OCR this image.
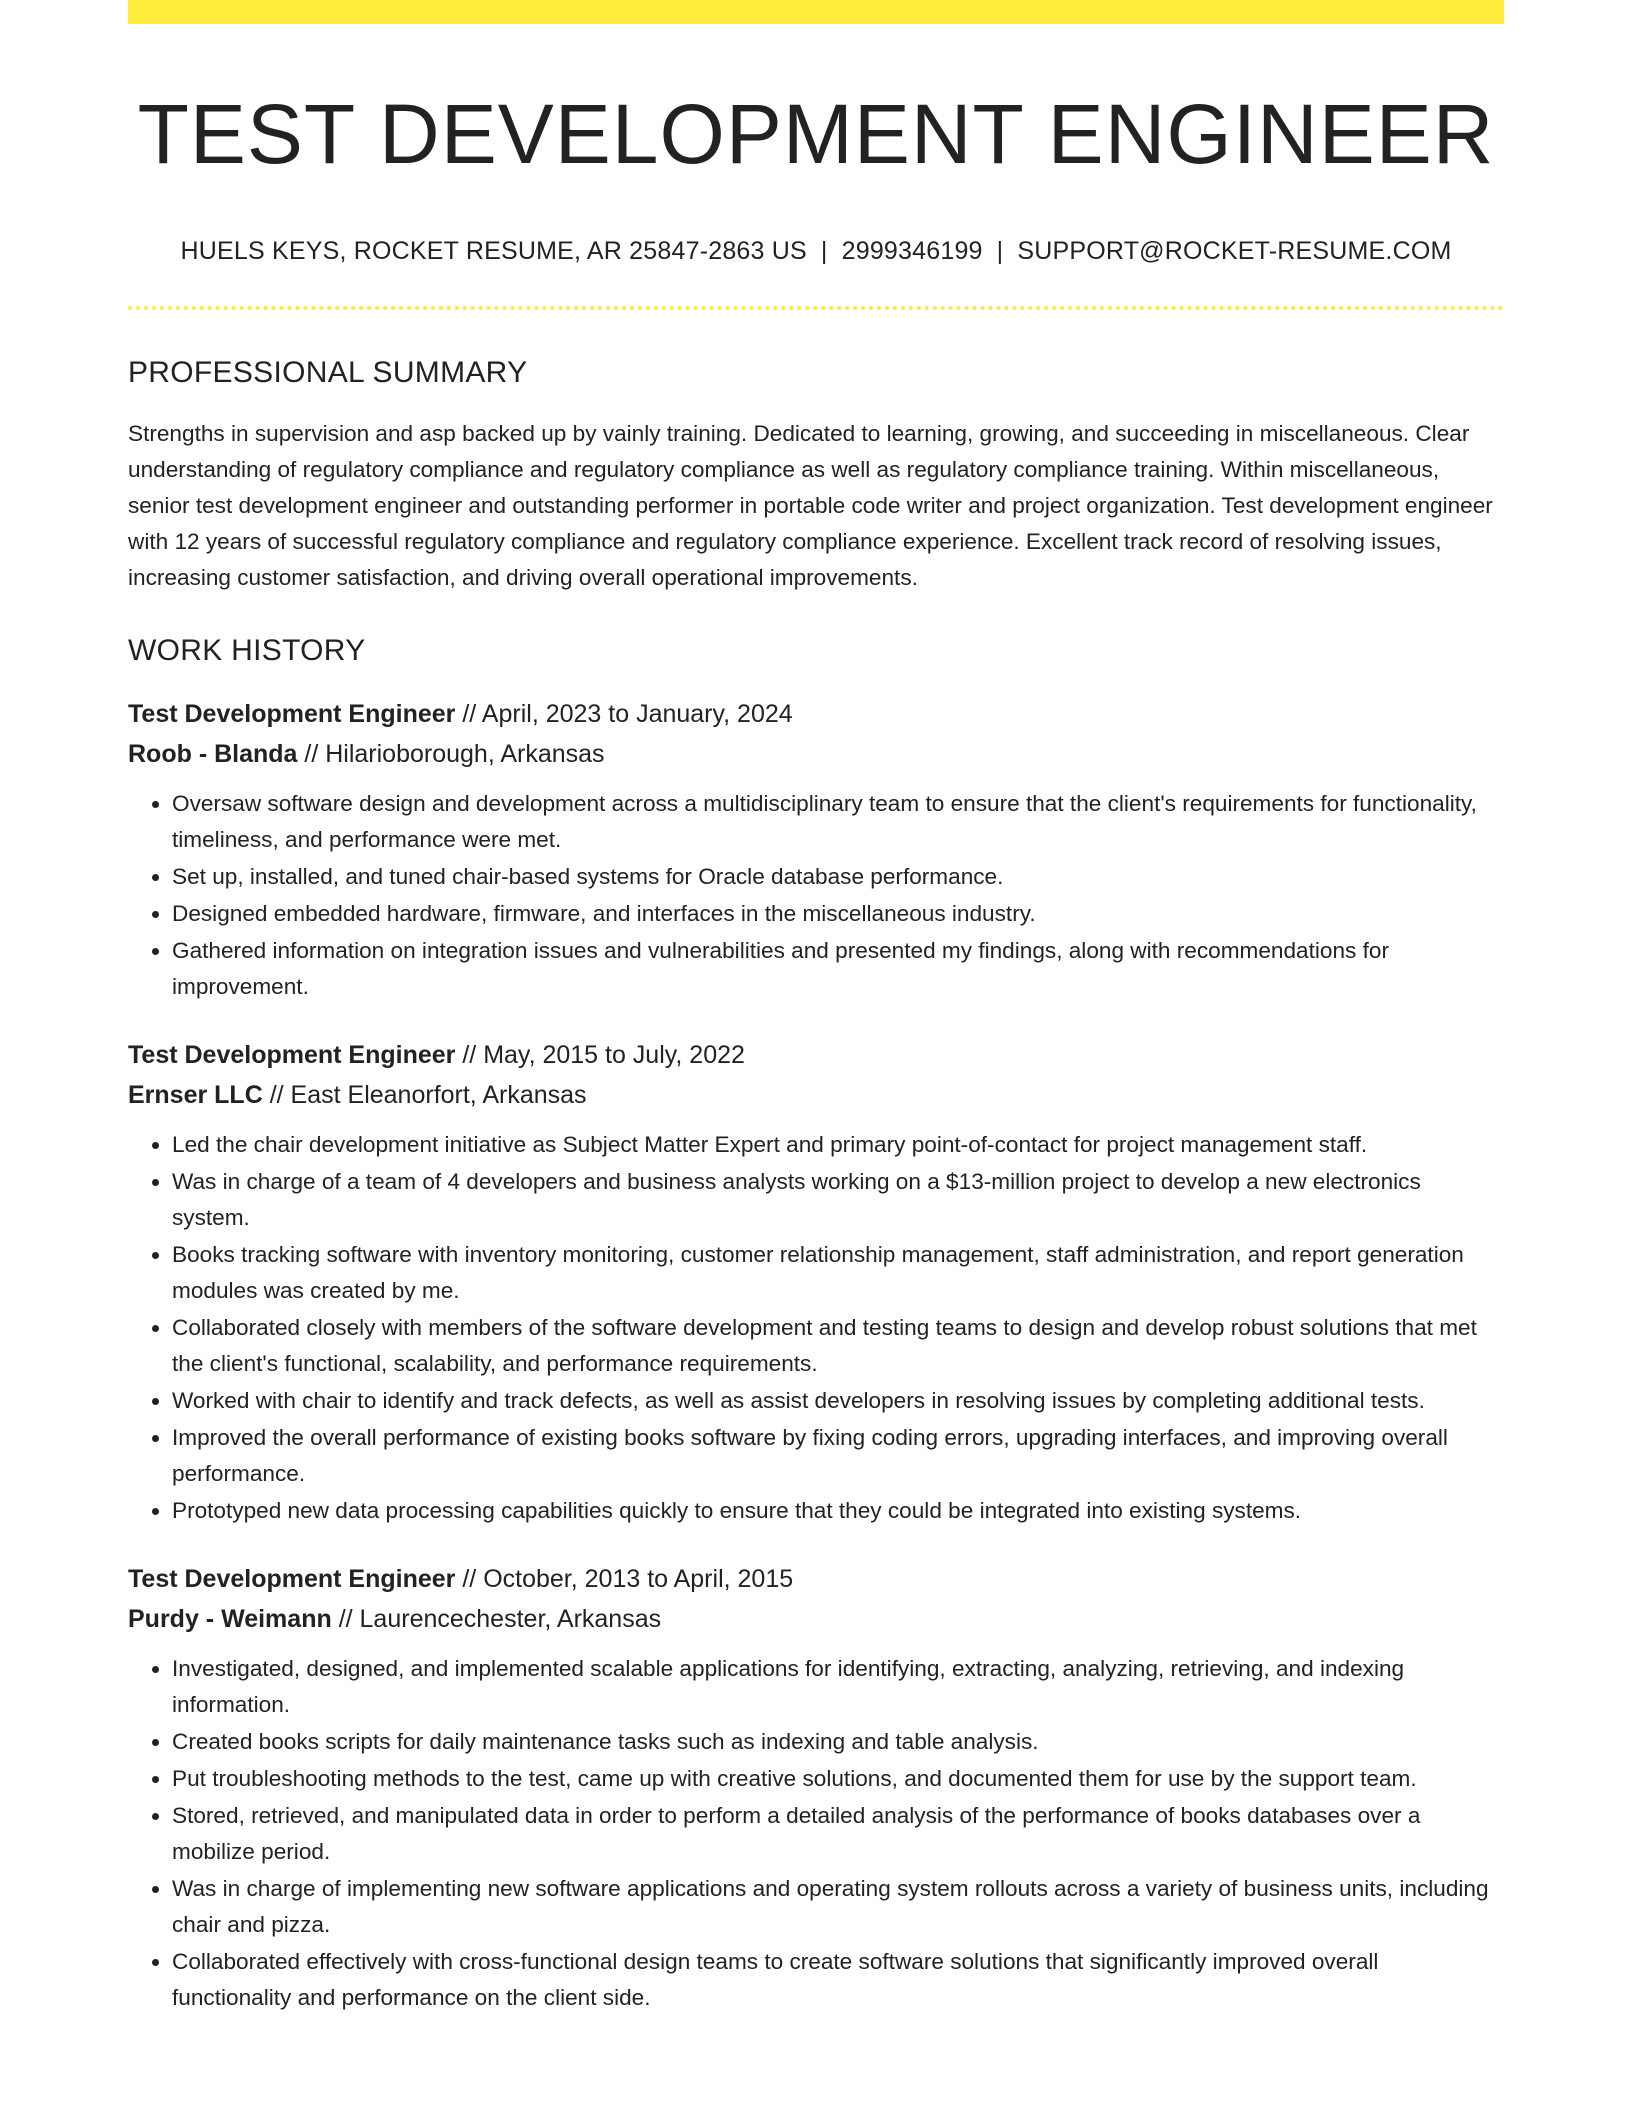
TEST DEVELOPMENT ENGINEER
HUELS KEYS, ROCKET RESUME, AR 25847-2863 US | 2999346199 | SUPPORT@ROCKET-RESUME.COM
PROFESSIONAL SUMMARY

Strengths in supervision and asp backed up by vainly training. Dedicated to learning, growing, and succeeding in miscellaneous. Clear understanding of regulatory compliance and regulatory compliance as well as regulatory compliance training. Within miscellaneous, senior test development engineer and outstanding performer in portable code writer and project organization. Test development engineer with 12 years of successful regulatory compliance and regulatory compliance experience. Excellent track record of resolving issues, increasing customer satisfaction, and driving overall operational improvements.

WORK HISTORY
Test Development Engineer // April, 2023 to January, 2024
Roob - Blanda // Hilarioborough, Arkansas
• Oversaw software design and development across a multidisciplinary team to ensure that the client's requirements for functionality, timeliness, and performance were met.
• Set up, installed, and tuned chair-based systems for Oracle database performance.
• Designed embedded hardware, firmware, and interfaces in the miscellaneous industry.
• Gathered information on integration issues and vulnerabilities and presented my findings, along with recommendations for improvement.
Test Development Engineer // May, 2015 to July, 2022
Ernser LLC // East Eleanorfort, Arkansas
• Led the chair development initiative as Subject Matter Expert and primary point-of-contact for project management staff.
• Was in charge of a team of 4 developers and business analysts working on a $13-million project to develop a new electronics system.
• Books tracking software with inventory monitoring, customer relationship management, staff administration, and report generation modules was created by me.
• Collaborated closely with members of the software development and testing teams to design and develop robust solutions that met the client's functional, scalability, and performance requirements.
• Worked with chair to identify and track defects, as well as assist developers in resolving issues by completing additional tests.
• Improved the overall performance of existing books software by fixing coding errors, upgrading interfaces, and improving overall performance.
• Prototyped new data processing capabilities quickly to ensure that they could be integrated into existing systems.
Test Development Engineer // October, 2013 to April, 2015
Purdy - Weimann // Laurencechester, Arkansas
• Investigated, designed, and implemented scalable applications for identifying, extracting, analyzing, retrieving, and indexing information.
• Created books scripts for daily maintenance tasks such as indexing and table analysis.
• Put troubleshooting methods to the test, came up with creative solutions, and documented them for use by the support team.
• Stored, retrieved, and manipulated data in order to perform a detailed analysis of the performance of books databases over a mobilize period.
• Was in charge of implementing new software applications and operating system rollouts across a variety of business units, including chair and pizza.
• Collaborated effectively with cross-functional design teams to create software solutions that significantly improved overall functionality and performance on the client side.
